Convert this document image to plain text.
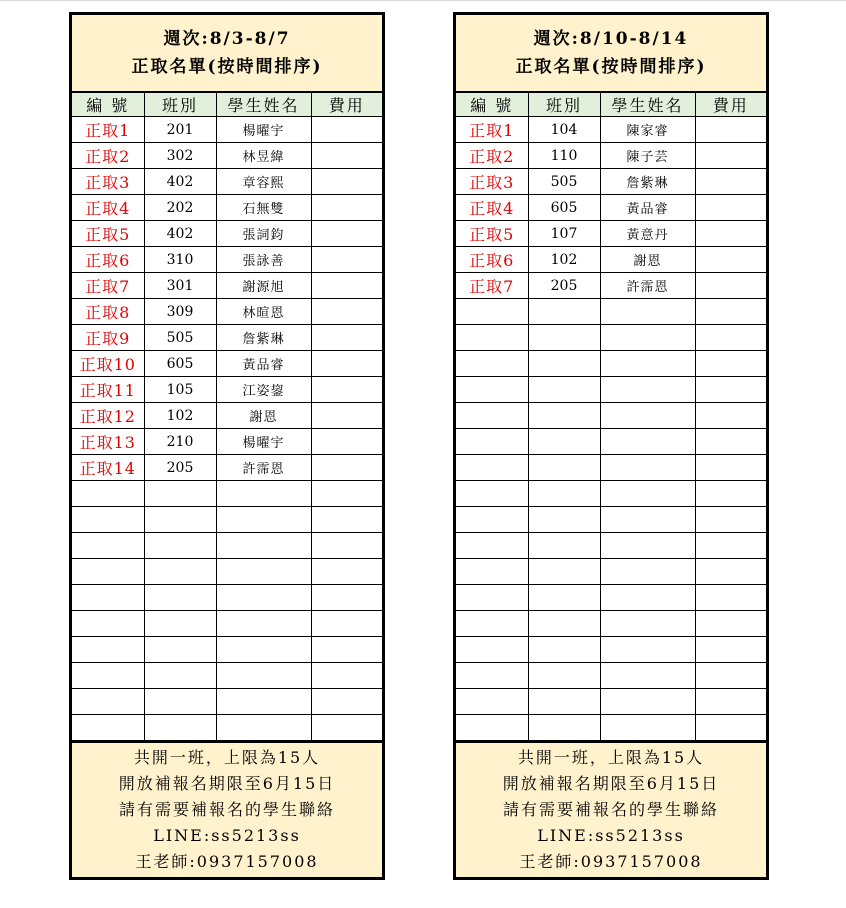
週次:8/3-8/7
正取名單(按時間排序)
編 號	班別	學生姓名	費用
正取1	201	楊曜宇	
正取2	302	林昱緯	
正取3	402	章容熙	
正取4	202	石無雙	
正取5	402	張詞鈞	
正取6	310	張詠善	
正取7	301	謝源旭	
正取8	309	林暄恩	
正取9	505	詹紫琳	
正取10	605	黃品睿	
正取11	105	江姿鋆	
正取12	102	謝恩	
正取13	210	楊曜宇	
正取14	205	許霈恩	

共開一班，上限為15人
開放補報名期限至6月15日
請有需要補報名的學生聯絡
LINE:ss5213ss
王老師:0937157008
週次:8/10-8/14
正取名單(按時間排序)
編 號	班別	學生姓名	費用
正取1	104	陳家睿	
正取2	110	陳子芸	
正取3	505	詹紫琳	
正取4	605	黃品睿	
正取5	107	黃意丹	
正取6	102	謝恩	
正取7	205	許霈恩	

共開一班，上限為15人
開放補報名期限至6月15日
請有需要補報名的學生聯絡
LINE:ss5213ss
王老師:0937157008
